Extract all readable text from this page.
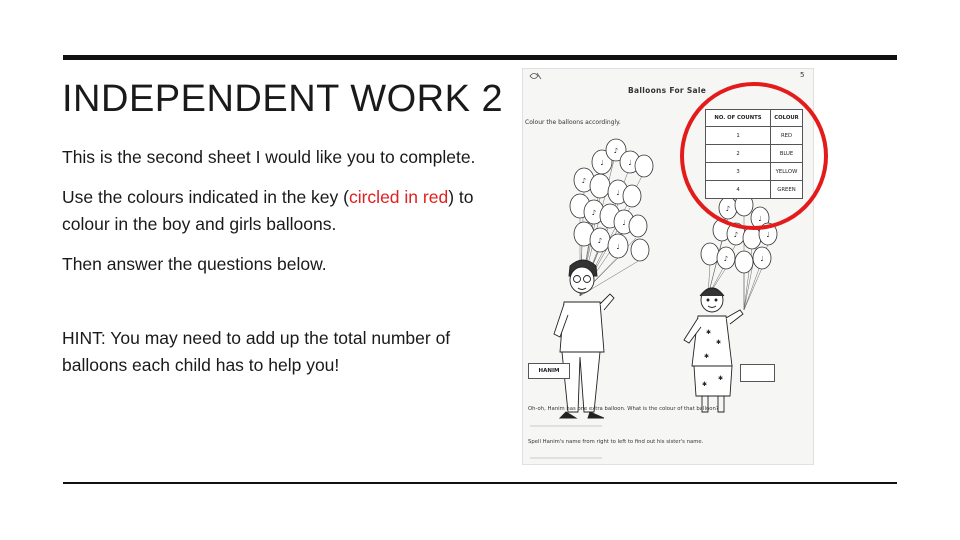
INDEPENDENT WORK 2

This is the second sheet I would like you to complete.

Use the colours indicated in the key (circled in red) to colour in the boy and girls balloons.

Then answer the questions below.

HINT: You may need to add up the total number of balloons each child has to help you!

♩
♪
♩
♪
♩
♪
♩
♪
♩
♪
♩
♪	♩
♪	♩
✱
✱
✱
✱
✱
5
Balloons For Sale
Colour the balloons accordingly.
NO. OF COUNTS	COLOUR
1	RED
2	BLUE
3	YELLOW
4	GREEN
HANIM
Oh-oh, Hanim has one extra balloon. What is the colour of that balloon?
Spell Hanim's name from right to left to find out his sister's name.
